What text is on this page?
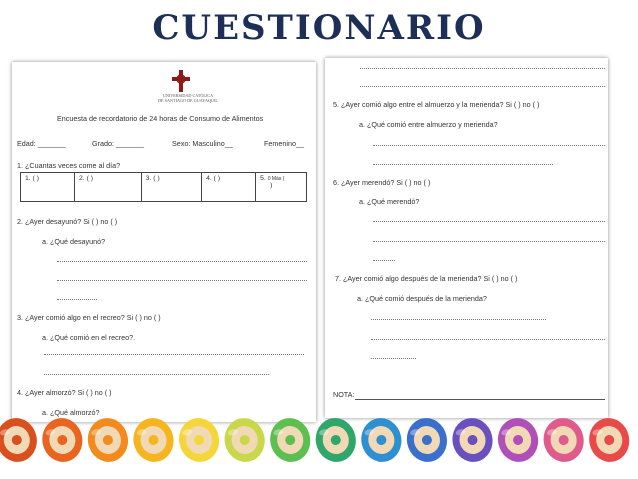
CUESTIONARIO
UNIVERSIDAD CATÓLICA
DE SANTIAGO DE GUAYAQUIL
Encuesta de recordatorio de 24 horas de Consumo de Alimentos
Edad: _______	Grado: _______	Sexo: Masculino__	Femenino__
1. ¿Cuantas veces come al día?
1. ( )	2. ( )	3. ( )	4. ( )	5. 0 Más (
)
2. ¿Ayer desayunó? Si ( ) no ( )
a. ¿Qué desayunó?
3. ¿Ayer comió algo en el recreo? Si ( ) no ( )
a. ¿Qué comió en el recreo?.
4. ¿Ayer almorzó? Si ( ) no ( )
a. ¿Qué almorzó?
5. ¿Ayer comió algo entre el almuerzo y la merienda? Si ( ) no ( )
a. ¿Qué comió entre almuerzo y merienda?
6. ¿Ayer merendó? Si ( ) no ( )
a. ¿Qué merendó?
7. ¿Ayer comió algo después de la merienda? Si ( ) no ( )
a. ¿Qué comió después de la merienda?
NOTA:
